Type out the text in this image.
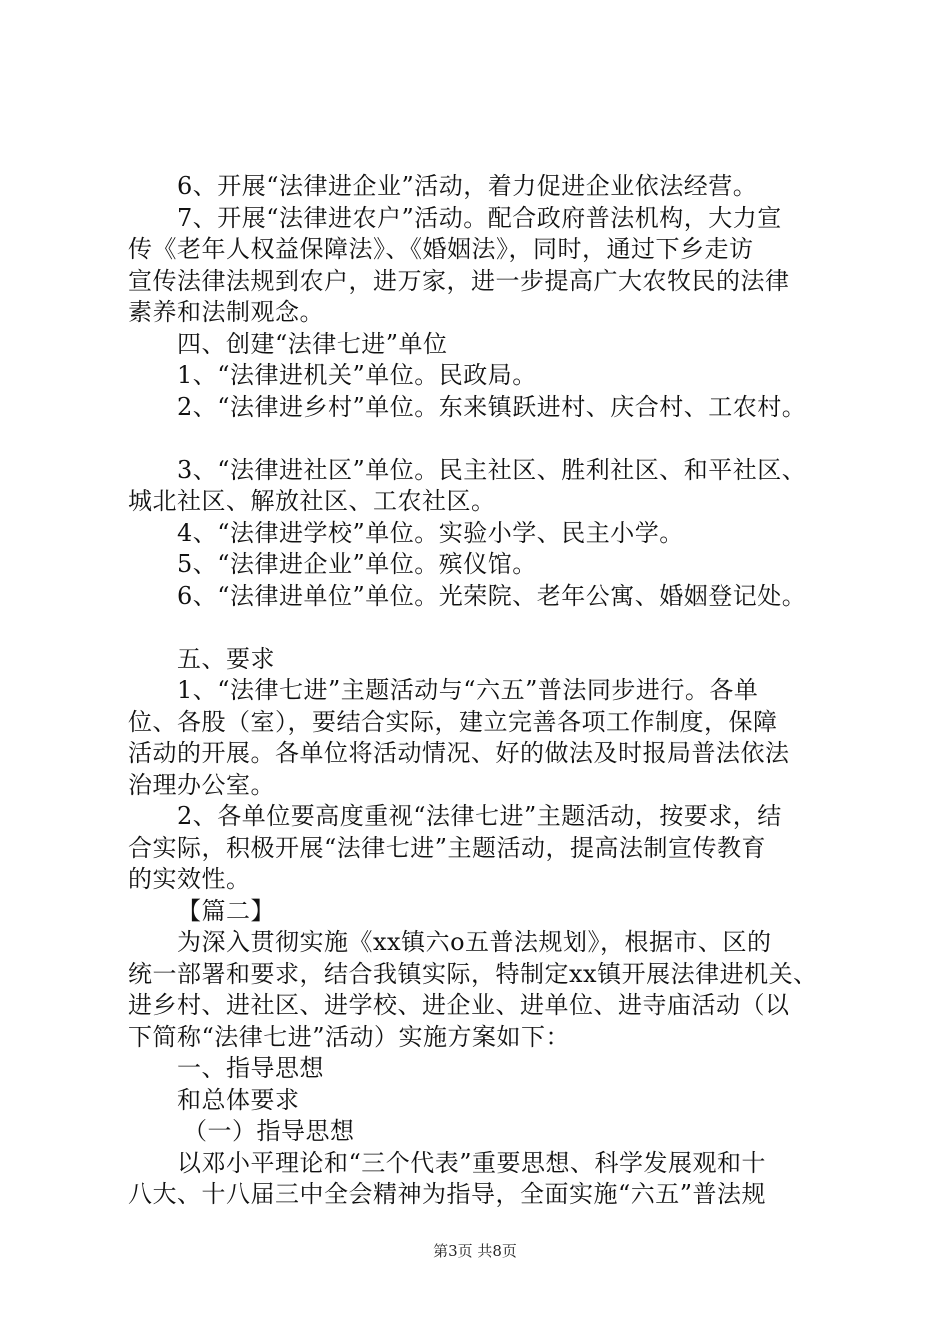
6、开展“法律进企业”活动，着力促进企业依法经营。
7、开展“法律进农户”活动。配合政府普法机构，大力宣
传《老年人权益保障法》、《婚姻法》，同时，通过下乡走访
宣传法律法规到农户，进万家，进一步提高广大农牧民的法律
素养和法制观念。
四、创建“法律七进”单位
1、“法律进机关”单位。民政局。
2、“法律进乡村”单位。东来镇跃进村、庆合村、工农村。
3、“法律进社区”单位。民主社区、胜利社区、和平社区、
城北社区、解放社区、工农社区。
4、“法律进学校”单位。实验小学、民主小学。
5、“法律进企业”单位。殡仪馆。
6、“法律进单位”单位。光荣院、老年公寓、婚姻登记处。
五、要求
1、“法律七进”主题活动与“六五”普法同步进行。各单
位、各股（室），要结合实际，建立完善各项工作制度，保障
活动的开展。各单位将活动情况、好的做法及时报局普法依法
治理办公室。
2、各单位要高度重视“法律七进”主题活动，按要求，结
合实际，积极开展“法律七进”主题活动，提高法制宣传教育
的实效性。
【篇二】
为深入贯彻实施《xx镇六o五普法规划》，根据市、区的
统一部署和要求，结合我镇实际，特制定xx镇开展法律进机关、
进乡村、进社区、进学校、进企业、进单位、进寺庙活动（以
下简称“法律七进”活动）实施方案如下：
一、指导思想
和总体要求
（一）指导思想
以邓小平理论和“三个代表”重要思想、科学发展观和十
八大、十八届三中全会精神为指导，全面实施“六五”普法规
第3页 共8页
